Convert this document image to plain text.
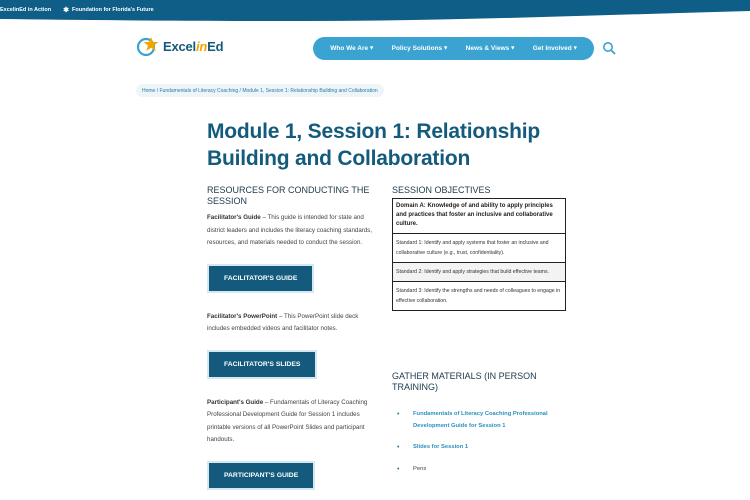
ExcelinEd in Action ✱ Foundation for Florida's Future
ExcelinEd	Who We Are ▾	Policy Solutions ▾	News & Views ▾	Get Involved ▾
Home / Fundamentals of Literacy Coaching / Module 1, Session 1: Relationship Building and Collaboration
Module 1, Session 1: Relationship Building and Collaboration
RESOURCES FOR CONDUCTING THE SESSION

Facilitator's Guide – This guide is intended for state and district leaders and includes the literacy coaching standards, resources, and materials needed to conduct the session.

FACILITATOR'S GUIDE

Facilitator's PowerPoint – This PowerPoint slide deck includes embedded videos and facilitator notes.

FACILITATOR'S SLIDES

Participant's Guide – Fundamentals of Literacy Coaching Professional Development Guide for Session 1 includes printable versions of all PowerPoint Slides and participant handouts.

PARTICIPANT'S GUIDE
SESSION OBJECTIVES
Domain A: Knowledge of and ability to apply principles and practices that foster an inclusive and collaborative culture.
Standard 1: Identify and apply systems that foster an inclusive and collaborative culture (e.g., trust, confidentiality).
Standard 2: Identify and apply strategies that build effective teams.
Standard 3: Identify the strengths and needs of colleagues to engage in effective collaboration.
GATHER MATERIALS (IN PERSON TRAINING)
• Fundamentals of Literacy Coaching Professional Development Guide for Session 1
• Slides for Session 1
• Pens
